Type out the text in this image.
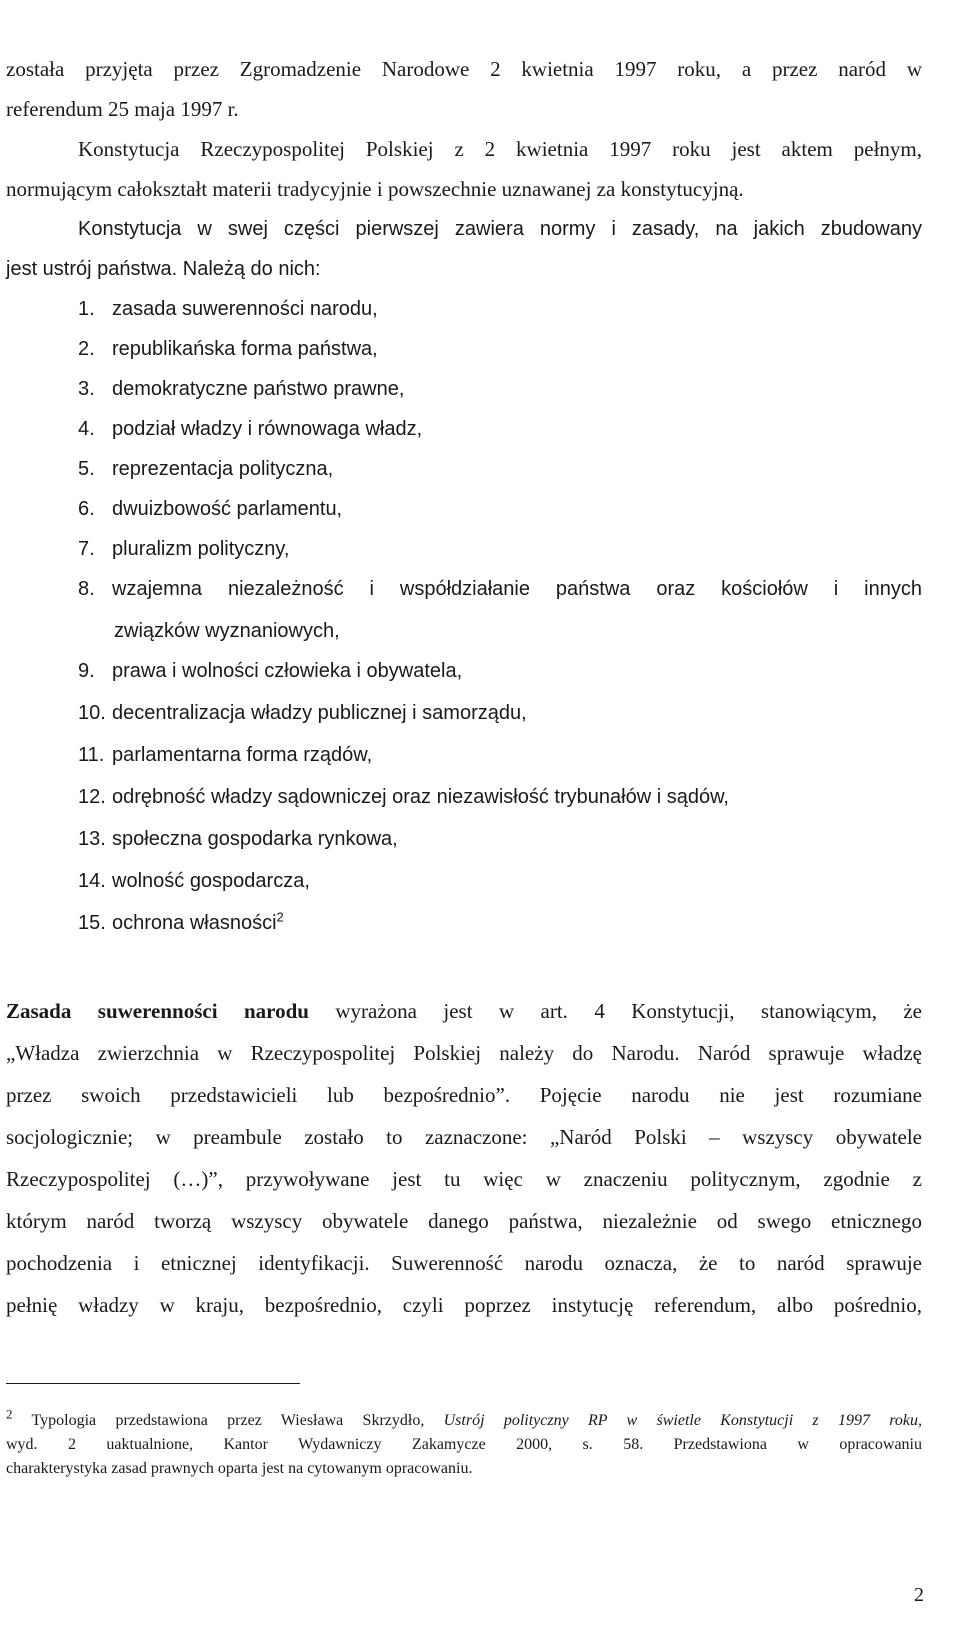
została przyjęta przez Zgromadzenie Narodowe 2 kwietnia 1997 roku, a przez naród w
referendum 25 maja 1997 r.
Konstytucja Rzeczypospolitej Polskiej z 2 kwietnia 1997 roku jest aktem pełnym,
normującym całokształt materii tradycyjnie i powszechnie uznawanej za konstytucyjną.
Konstytucja w swej części pierwszej zawiera normy i zasady, na jakich zbudowany
jest ustrój państwa. Należą do nich:
1. zasada suwerenności narodu,
2. republikańska forma państwa,
3. demokratyczne państwo prawne,
4. podział władzy i równowaga władz,
5. reprezentacja polityczna,
6. dwuizbowość parlamentu,
7. pluralizm polityczny,
8. wzajemna niezależność i współdziałanie państwa oraz kościołów i innych
związków wyznaniowych,
9. prawa i wolności człowieka i obywatela,
10. decentralizacja władzy publicznej i samorządu,
11. parlamentarna forma rządów,
12. odrębność władzy sądowniczej oraz niezawisłość trybunałów i sądów,
13. społeczna gospodarka rynkowa,
14. wolność gospodarcza,
15. ochrona własności$^2$
Zasada suwerenności narodu wyrażona jest w art. 4 Konstytucji, stanowiącym, że
„Władza zwierzchnia w Rzeczypospolitej Polskiej należy do Narodu. Naród sprawuje władzę
przez swoich przedstawicieli lub bezpośrednio”. Pojęcie narodu nie jest rozumiane
socjologicznie; w preambule zostało to zaznaczone: „Naród Polski – wszyscy obywatele
Rzeczypospolitej (…)”, przywoływane jest tu więc w znaczeniu politycznym, zgodnie z
którym naród tworzą wszyscy obywatele danego państwa, niezależnie od swego etnicznego
pochodzenia i etnicznej identyfikacji. Suwerenność narodu oznacza, że to naród sprawuje
pełnię władzy w kraju, bezpośrednio, czyli poprzez instytucję referendum, albo pośrednio,
$^2$ Typologia przedstawiona przez Wiesława Skrzydło, Ustrój polityczny RP w świetle Konstytucji z 1997 roku,
wyd. 2 uaktualnione, Kantor Wydawniczy Zakamycze 2000, s. 58. Przedstawiona w opracowaniu
charakterystyka zasad prawnych oparta jest na cytowanym opracowaniu.
2
